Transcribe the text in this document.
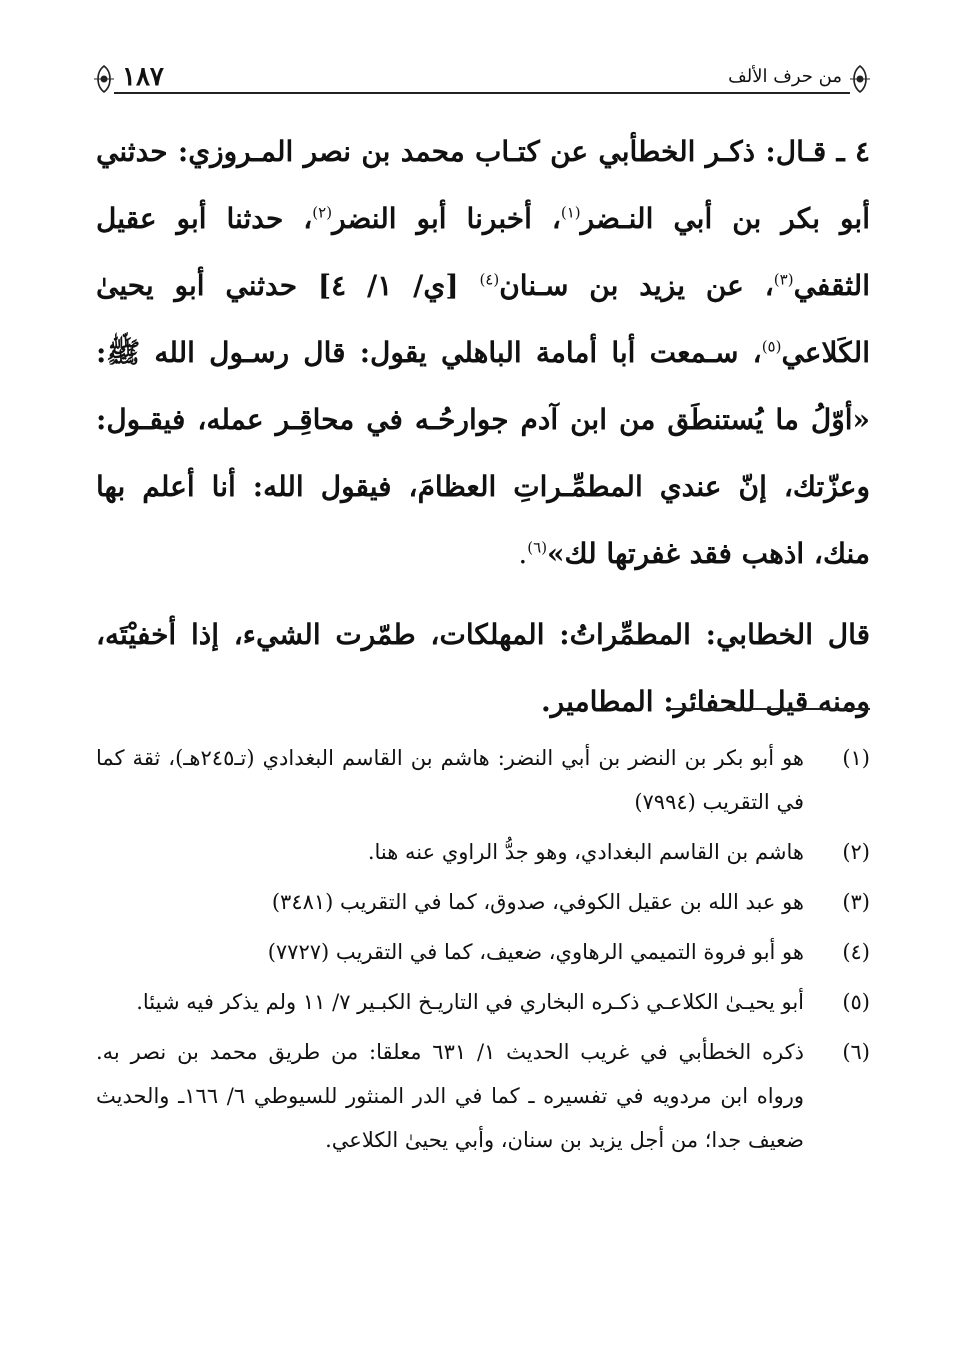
١٨٧	من حرف الألف

٤ ـ قـال: ذكـر الخطأبي عن كتـاب محمد بن نصر المـروزي: حدثني أبو بكر بن أبي النـضر$^{(١)}$، أخبرنا أبو النضر$^{(٢)}$، حدثنا أبو عقيل الثقفي$^{(٣)}$، عن يزيد بن سـنان$^{(٤)}$ [ي/ ١/ ٤] حدثني أبو يحيىٰ الكَلاعي$^{(٥)}$، سـمعت أبا أمامة الباهلي يقول: قال رسـول الله ﷺ: «أوّلُ ما يُستنطَق من ابن آدم جوارحُـه في محاقِـر عمله، فيقـول: وعزّتك، إنّ عندي المطمِّـراتِ العظامَ، فيقول الله: أنا أعلم بها منك، اذهب فقد غفرتها لك»$^{(٦)}$.

قال الخطابي: المطمِّراتُ: المهلكات، طمّرت الشيء، إذا أخفيْتَه، ومنه قيل للحفائر: المطامير.

(١)
هو أبو بكر بن النضر بن أبي النضر: هاشم بن القاسم البغدادي (تـ٢٤٥هـ)، ثقة كما في التقريب (٧٩٩٤)
(٢)
هاشم بن القاسم البغدادي، وهو جدُّ الراوي عنه هنا.
(٣)
هو عبد الله بن عقيل الكوفي، صدوق، كما في التقريب (٣٤٨١)
(٤)
هو أبو فروة التميمي الرهاوي، ضعيف، كما في التقريب (٧٧٢٧)
(٥)
أبو يحيـىٰ الكلاعـي ذكـره البخاري في التاريـخ الكبـير ٧/ ١١ ولم يذكر فيه شيئا.
(٦)
ذكره الخطأبي في غريب الحديث ١/ ٦٣١ معلقا: من طريق محمد بن نصر به. ورواه ابن مردويه في تفسيره ـ كما في الدر المنثور للسيوطي ٦/ ١٦٦ـ والحديث ضعيف جدا؛ من أجل يزيد بن سنان، وأبي يحيىٰ الكلاعي.
